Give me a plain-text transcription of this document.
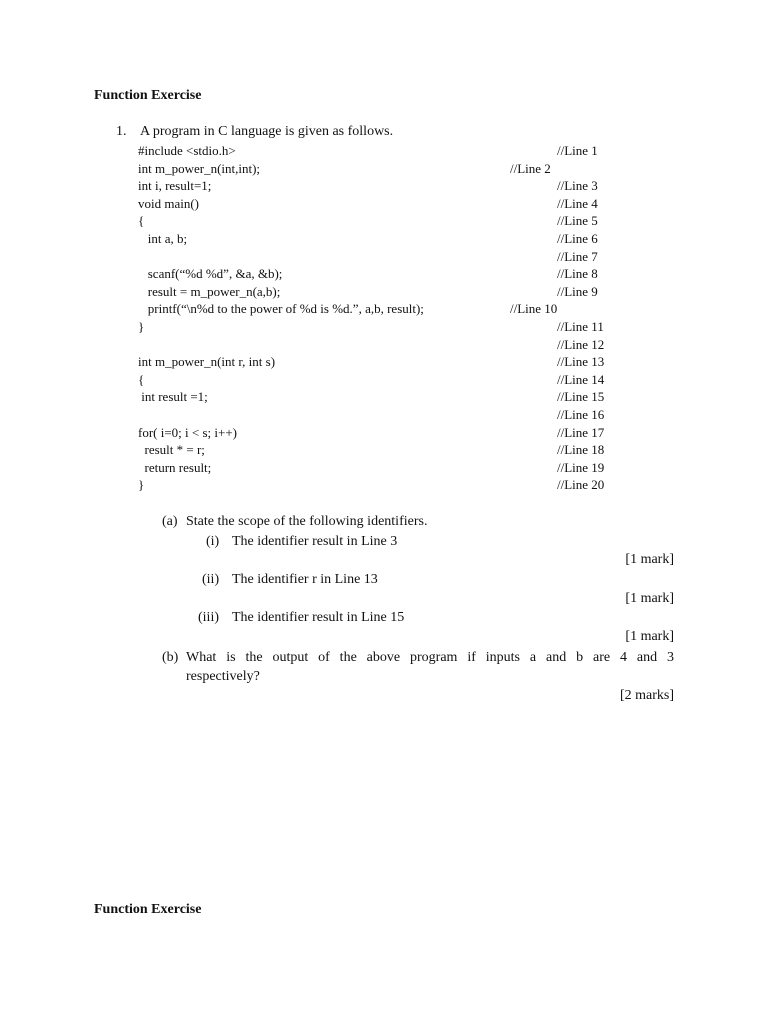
Function Exercise
1. A program in C language is given as follows.
#include <stdio.h>	//Line 1
int m_power_n(int,int);	//Line 2
int i, result=1;	//Line 3
void main()	//Line 4
{	//Line 5
int a, b;	//Line 6
//Line 7
scanf(“%d %d”, &a, &b);	//Line 8
result = m_power_n(a,b);	//Line 9
printf(“\n%d to the power of %d is %d.”, a,b, result);	//Line 10
}	//Line 11
//Line 12
int m_power_n(int r, int s)	//Line 13
{	//Line 14
int result =1;	//Line 15
//Line 16
for( i=0; i < s; i++)	//Line 17
result * = r;	//Line 18
return result;	//Line 19
}	//Line 20
(a) State the scope of the following identifiers.
(i) The identifier result in Line 3
[1 mark]
(ii) The identifier r in Line 13
[1 mark]
(iii) The identifier result in Line 15
[1 mark]
(b) What is the output of the above program if inputs a and b are 4 and 3
respectively?
[2 marks]
Function Exercise
